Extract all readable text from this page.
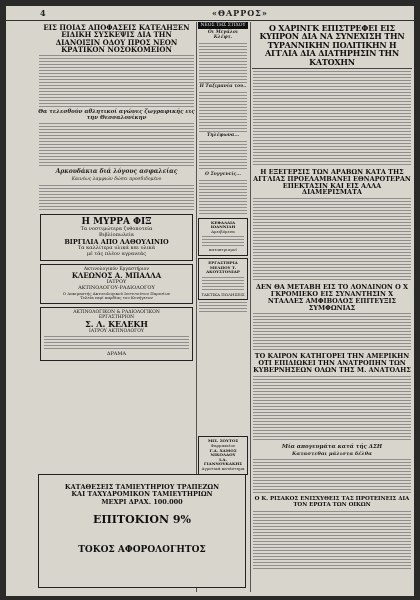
4	«ΘΑΡΡΟΣ»
ΕΙΣ ΠΟΙΑΣ ΑΠΟΦΑΣΕΙΣ ΚΑΤΕΛΗΞΕΝ ΕΙΔΙΚΗ ΣΥΣΚΕΨΙΣ ΔΙΑ ΤΗΝ ΔΙΑΝΟΙΞΙΝ ΟΔΟΥ ΠΡΟΣ ΝΕΟΝ ΚΡΑΤΙΚΟΝ ΝΟΣΟΚΟΜΕΙΟΝ
Θα τελεσθούν αθλητικοί αγώνες ζωγραφικής εις την Θεσσαλονίκην
Αρκουδάκια διά λόγους ασφαλείας
Καινέως λαμφιών δώσει προσδιδομένο
Η ΜΥΡΡΑ ΦΙΞ
Τα νοστιμώτερα ζυθοποτεία
Βιβλίοπωλεία
ΒΙΡΓΙΛΙΑ ΑΠΟ ΛΑΘΟΥΛΙΝΙΟ
Τα καλλίτερα υλικά και υλικά
μέ τάς πλέον αγρανεάς
Ακτινολογικόν Εργαστήριον
ΚΛΕΩΝΟΣ Α. ΜΠΑΛΛΑ
ΙΑΤΡΟΥ
ΑΚΤΙΝΟΛΟΓΟΥ-ΡΑΔΙΟΛΟΓΟΥ
Ο Δοκιμαστής Ακτινολογικού Ινστιτούτου Παρισίων
Τελεία περί καρδίας του Κυνήγετον
ΑΚΤΙΝΟΛΟΓΙΚΟΝ & ΡΑΔΙΟΛΟΓΙΚΟΝ
ΕΡΓΑΣΤΗΡΙΟΝ
Σ. Λ. ΚΕΛΕΚΗ
ΙΑΤΡΟΥ ΑΚΤΙΝΟΛΟΓΟΥ
ΔΡΑΜΑ
ΚΑΤΑΘΕΣΕΙΣ ΤΑΜΙΕΥΤΗΡΙΟΥ ΤΡΑΠΕΖΩΝ
ΚΑΙ ΤΑΧΥΔΡΟΜΙΚΟΝ ΤΑΜΙΕΥΤΗΡΙΩΝ
ΜΕΧΡΙ ΔΡΑΧ. 100.000
ΕΠΙΤΟΚΙΟΝ 9%
ΤΟΚΟΣ ΑΦΟΡΟΛΟΓΗΤΟΣ
ΝΕΟΣ ΤΗΣ ΣΤΙΧΟΥ
Οι Μεγάλοι Κλέφτ.
Η Ταξιμανία του..
Τηλέφωνα...
Ο Συγγενείς...
ΚΕΦΑΛΑΙΑ ΙΩΑΝΝΙΔΗ
Αμειβόμενα
κατοπτρισμοί
ΕΡΓΑΣΤΗΡΙΑ
ΜΕΛΠΟΥ Τ. ΑΚΟΥΣΤΟΝΙΑΡ
ΤΑΚΤΙΚΑ ΠΩΛΗΣΕΙΣ
ΜΙΣ. ΣΟΥΤΟΣ
Φαρμακείον
Γ.Α. ΧΑΜΟΣ ΝΙΚΟΛΑΟΥ
Ι.Α. ΓΙΑΝΝΟΥΚΑΚΗΣ
Αγροτικά κατάστημα
Ο ΧΑΡΙΝΓΚ ΕΠΙΣΤΡΕΦΕΙ ΕΙΣ ΚΥΠΡΟΝ ΔΙΑ ΝΑ ΣΥΝΕΧΙΣΗ ΤΗΝ ΤΥΡΑΝΝΙΚΗΝ ΠΟΛΙΤΙΚΗΝ Η ΑΓΓΛΙΑ ΔΙΑ ΔΙΑΤΗΡΗΣΙΝ ΤΗΝ ΚΑΤΟΧΗΝ
Η ΕΞΕΓΕΡΣΙΣ ΤΩΝ ΑΡΑΒΩΝ ΚΑΤΑ ΤΗΣ ΑΓΓΛΙΑΣ ΠΡΟΕΛΑΜΒΑΝΕΙ ΕΘΝΑΡΟΤΕΡΑΝ ΕΠΕΚΤΑΣΙΝ ΚΑΙ ΕΙΣ ΑΛΛΑ ΔΙΑΜΕΡΙΣΜΑΤΑ
ΔΕΝ ΘΑ ΜΕΤΑΒΗ ΕΙΣ ΤΟ ΛΟΝΔΙΝΟΝ Ο Χ ΓΚΡΟΜΙΕΚΟ ΕΙΣ ΣΥΝΑΝΤΗΣΙΝ Χ ΝΤΑΛΛΕΣ ΑΜΦΙΒΟΛΟΣ ΕΠΙΤΕΥΞΙΣ ΣΥΜΦΩΝΙΑΣ
ΤΟ ΚΑΙΡΟΝ ΚΑΤΗΓΟΡΕΙ ΤΗΝ ΑΜΕΡΙΚΗΝ ΟΤΙ ΕΠΙΔΙΩΚΕΙ ΤΗΝ ΑΝΑΤΡΟΠΗΝ ΤΩΝ ΚΥΒΕΡΝΗΣΕΩΝ ΟΛΩΝ ΤΗΣ Μ. ΑΝΑΤΟΛΗΣ
Μία απογευμάτα κατά τής ΔΣΗ
Καταστεθαι μάλιστα δέλθα
Ο Κ. ΡΙΣΑΚΟΣ ΕΝΙΣΧΥΘΕΙΣ ΤΑΣ ΠΡΟΤΕΙΝΕΙΣ ΔΙΑ ΤΟΝ ΕΡΩΤΑ ΤΩΝ ΟΙΚΩΝ
